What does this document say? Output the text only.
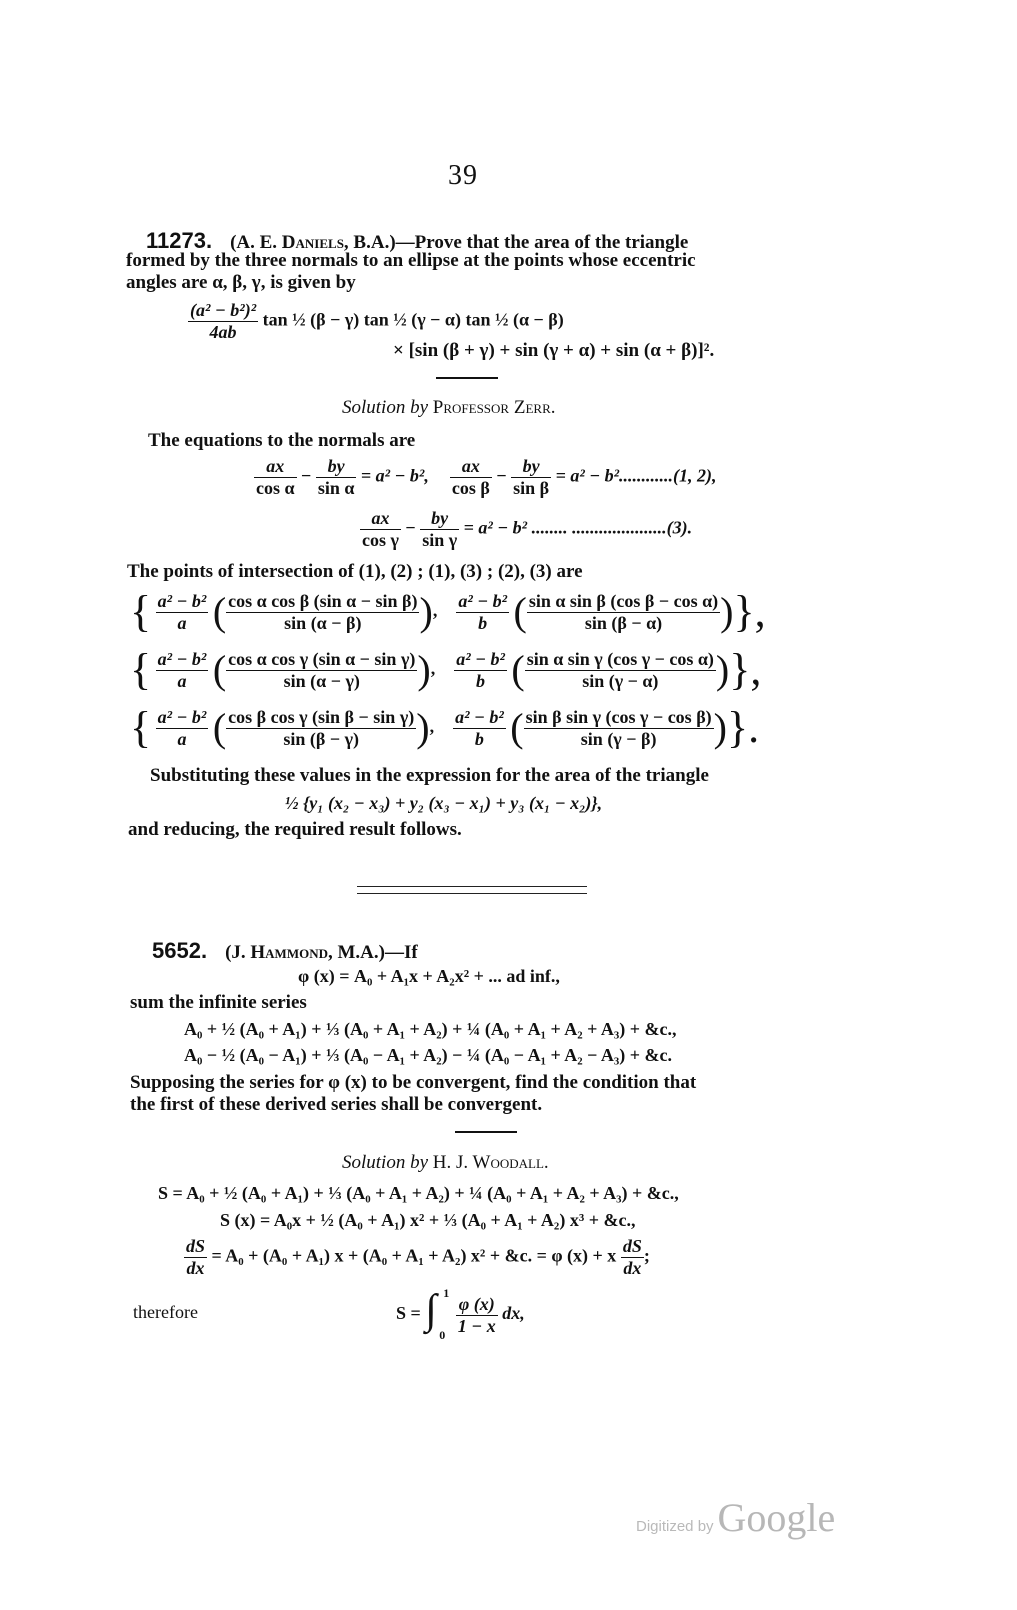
39
11273. (A. E. Daniels, B.A.)—Prove that the area of the triangle
formed by the three normals to an ellipse at the points whose eccentric
angles are α, β, γ, is given by
$\frac{\text{(a² − b²)²}}{4ab}$ tan ½ (β − γ) tan ½ (γ − α) tan ½ (α − β)
× [sin (β + γ) + sin (γ + α) + sin (α + β)]².
Solution by Professor Zerr.
The equations to the normals are
$\frac{ax}{\text{cos α}} - \frac{by}{\text{sin α}} = a^2 - b^2$, $\frac{ax}{\text{cos β}} - \frac{by}{\text{sin β}} = a^2 - b^2............(1$, 2),
$\frac{ax}{\text{cos γ}} - \frac{by}{\text{sin γ}} = a^2 - b^2$ ........ .....................(3).
The points of intersection of (1), (2) ; (1), (3) ; (2), (3) are
{ $\frac{\text{a² − b²}}{a}$ ( $\frac{\text{cos α cos β (sin α − sin β)}}{\sin (\alpha - \beta)}$ ), $\frac{\text{a² − b²}}{b}$ ( $\frac{\text{sin α sin β (cos β − cos α)}}{\sin (\beta - \alpha)}$ )},
{ $\frac{\text{a² − b²}}{a}$ ( $\frac{\text{cos α cos γ (sin α − sin γ)}}{\sin (\alpha - \gamma)}$ ), $\frac{\text{a² − b²}}{b}$ ( $\frac{\text{sin α sin γ (cos γ − cos α)}}{\sin (\gamma - \alpha)}$ )},
{ $\frac{\text{a² − b²}}{a}$ ( $\frac{\text{cos β cos γ (sin β − sin γ)}}{\sin (\beta - \gamma)}$ ), $\frac{\text{a² − b²}}{b}$ ( $\frac{\text{sin β sin γ (cos γ − cos β)}}{\sin (\gamma - \beta)}$ )}.
Substituting these values in the expression for the area of the triangle
½ {y₁ (x₂ − x₃) + y₂ (x₃ − x₁) + y₃ (x₁ − x₂)},
and reducing, the required result follows.
5652. (J. Hammond, M.A.)—If
φ (x) = A₀ + A₁x + A₂x² + ... ad inf.,
sum the infinite series
A₀ + ½ (A₀ + A₁) + ⅓ (A₀ + A₁ + A₂) + ¼ (A₀ + A₁ + A₂ + A₃) + &c.,
A₀ − ½ (A₀ − A₁) + ⅓ (A₀ − A₁ + A₂) − ¼ (A₀ − A₁ + A₂ − A₃) + &c.
Supposing the series for φ (x) to be convergent, find the condition that
the first of these derived series shall be convergent.
Solution by H. J. Woodall.
S = A₀ + ½ (A₀ + A₁) + ⅓ (A₀ + A₁ + A₂) + ¼ (A₀ + A₁ + A₂ + A₃) + &c.,
S (x) = A₀x + ½ (A₀ + A₁) x² + ⅓ (A₀ + A₁ + A₂) x³ + &c.,
$\frac{dS}{dx} = A_0 + (A_0 + A_1) x + (A_0 + A_1 + A_2) x^2$ + &c. = φ (x) + x $\frac{dS}{dx}$ ;
therefore	S = ∫ 1
0
$\frac{\varphi (x)}{1 - x}$ dx,
Digitized by Google
